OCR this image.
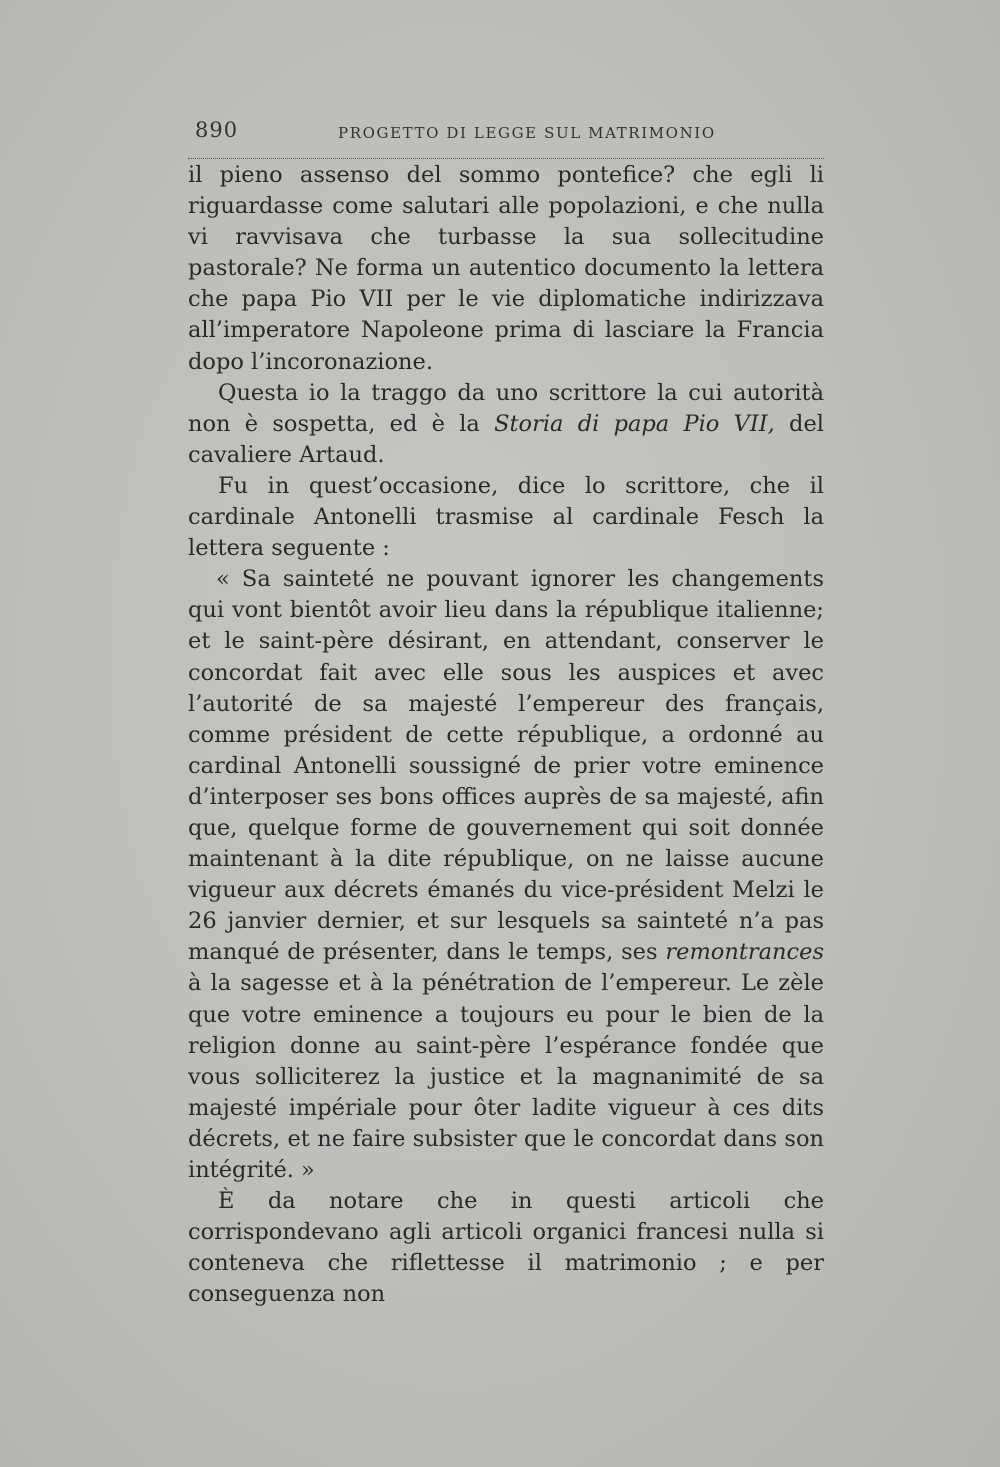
890	PROGETTO DI LEGGE SUL MATRIMONIO

il pieno assenso del sommo pontefice? che egli li riguardasse come salutari alle popolazioni, e che nulla vi ravvisava che turbasse la sua sollecitudine pastorale? Ne forma un autentico documento la lettera che papa Pio VII per le vie diplomatiche indirizzava all’imperatore Napoleone prima di lasciare la Francia dopo l’incoronazione.

Questa io la traggo da uno scrittore la cui autorità non è sospetta, ed è la Storia di papa Pio VII, del cavaliere Artaud.

Fu in quest’occasione, dice lo scrittore, che il cardinale Antonelli trasmise al cardinale Fesch la lettera seguente :

« Sa sainteté ne pouvant ignorer les changements qui vont bientôt avoir lieu dans la république italienne; et le saint-père désirant, en attendant, conserver le concordat fait avec elle sous les auspices et avec l’autorité de sa majesté l’empereur des français, comme président de cette république, a ordonné au cardinal Antonelli soussigné de prier votre eminence d’interposer ses bons offices auprès de sa majesté, afin que, quelque forme de gouvernement qui soit donnée maintenant à la dite république, on ne laisse aucune vigueur aux décrets émanés du vice-président Melzi le 26 janvier dernier, et sur lesquels sa sainteté n’a pas manqué de présenter, dans le temps, ses remontrances à la sagesse et à la pénétration de l’empereur. Le zèle que votre eminence a toujours eu pour le bien de la religion donne au saint-père l’espérance fondée que vous solliciterez la justice et la magnanimité de sa majesté impériale pour ôter ladite vigueur à ces dits décrets, et ne faire subsister que le concordat dans son intégrité. »

È da notare che in questi articoli che corrispondevano agli articoli organici francesi nulla si conteneva che riflettesse il matrimonio ; e per conseguenza non
